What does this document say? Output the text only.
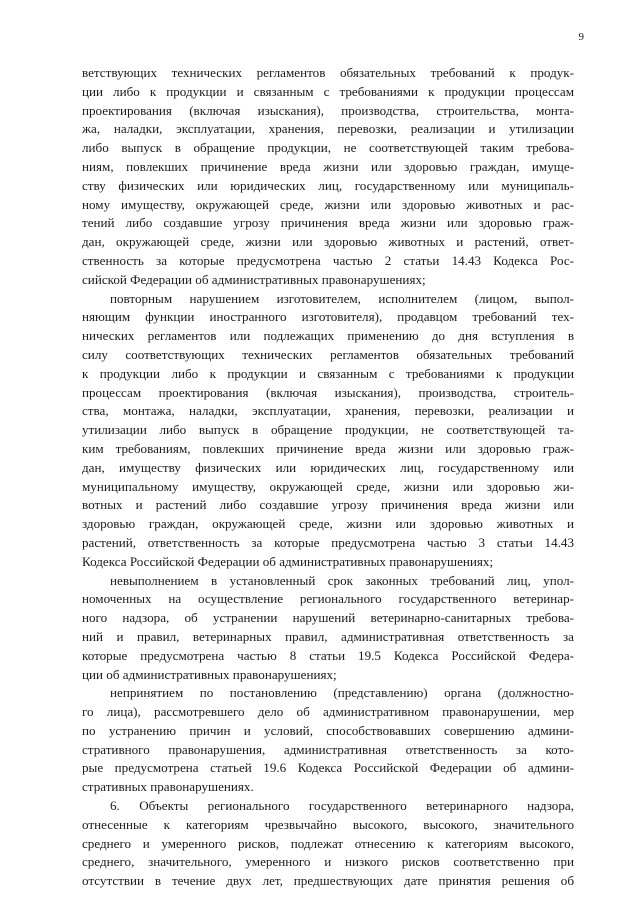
9
ветствующих технических регламентов обязательных требований к продук-
ции либо к продукции и связанным с требованиями к продукции процессам
проектирования (включая изыскания), производства, строительства, монта-
жа, наладки, эксплуатации, хранения, перевозки, реализации и утилизации
либо выпуск в обращение продукции, не соответствующей таким требова-
ниям, повлекших причинение вреда жизни или здоровью граждан, имуще-
ству физических или юридических лиц, государственному или муниципаль-
ному имуществу, окружающей среде, жизни или здоровью животных и рас-
тений либо создавшие угрозу причинения вреда жизни или здоровью граж-
дан, окружающей среде, жизни или здоровью животных и растений, ответ-
ственность за которые предусмотрена частью 2 статьи 14.43 Кодекса Рос-
сийской Федерации об административных правонарушениях;
повторным нарушением изготовителем, исполнителем (лицом, выпол-
няющим функции иностранного изготовителя), продавцом требований тех-
нических регламентов или подлежащих применению до дня вступления в
силу соответствующих технических регламентов обязательных требований
к продукции либо к продукции и связанным с требованиями к продукции
процессам проектирования (включая изыскания), производства, строитель-
ства, монтажа, наладки, эксплуатации, хранения, перевозки, реализации и
утилизации либо выпуск в обращение продукции, не соответствующей та-
ким требованиям, повлекших причинение вреда жизни или здоровью граж-
дан, имуществу физических или юридических лиц, государственному или
муниципальному имуществу, окружающей среде, жизни или здоровью жи-
вотных и растений либо создавшие угрозу причинения вреда жизни или
здоровью граждан, окружающей среде, жизни или здоровью животных и
растений, ответственность за которые предусмотрена частью 3 статьи 14.43
Кодекса Российской Федерации об административных правонарушениях;
невыполнением в установленный срок законных требований лиц, упол-
номоченных на осуществление регионального государственного ветеринар-
ного надзора, об устранении нарушений ветеринарно-санитарных требова-
ний и правил, ветеринарных правил, административная ответственность за
которые предусмотрена частью 8 статьи 19.5 Кодекса Российской Федера-
ции об административных правонарушениях;
непринятием по постановлению (представлению) органа (должностно-
го лица), рассмотревшего дело об административном правонарушении, мер
по устранению причин и условий, способствовавших совершению админи-
стративного правонарушения, административная ответственность за кото-
рые предусмотрена статьей 19.6 Кодекса Российской Федерации об админи-
стративных правонарушениях.
6. Объекты регионального государственного ветеринарного надзора,
отнесенные к категориям чрезвычайно высокого, высокого, значительного
среднего и умеренного рисков, подлежат отнесению к категориям высокого,
среднего, значительного, умеренного и низкого рисков соответственно при
отсутствии в течение двух лет, предшествующих дате принятия решения об
